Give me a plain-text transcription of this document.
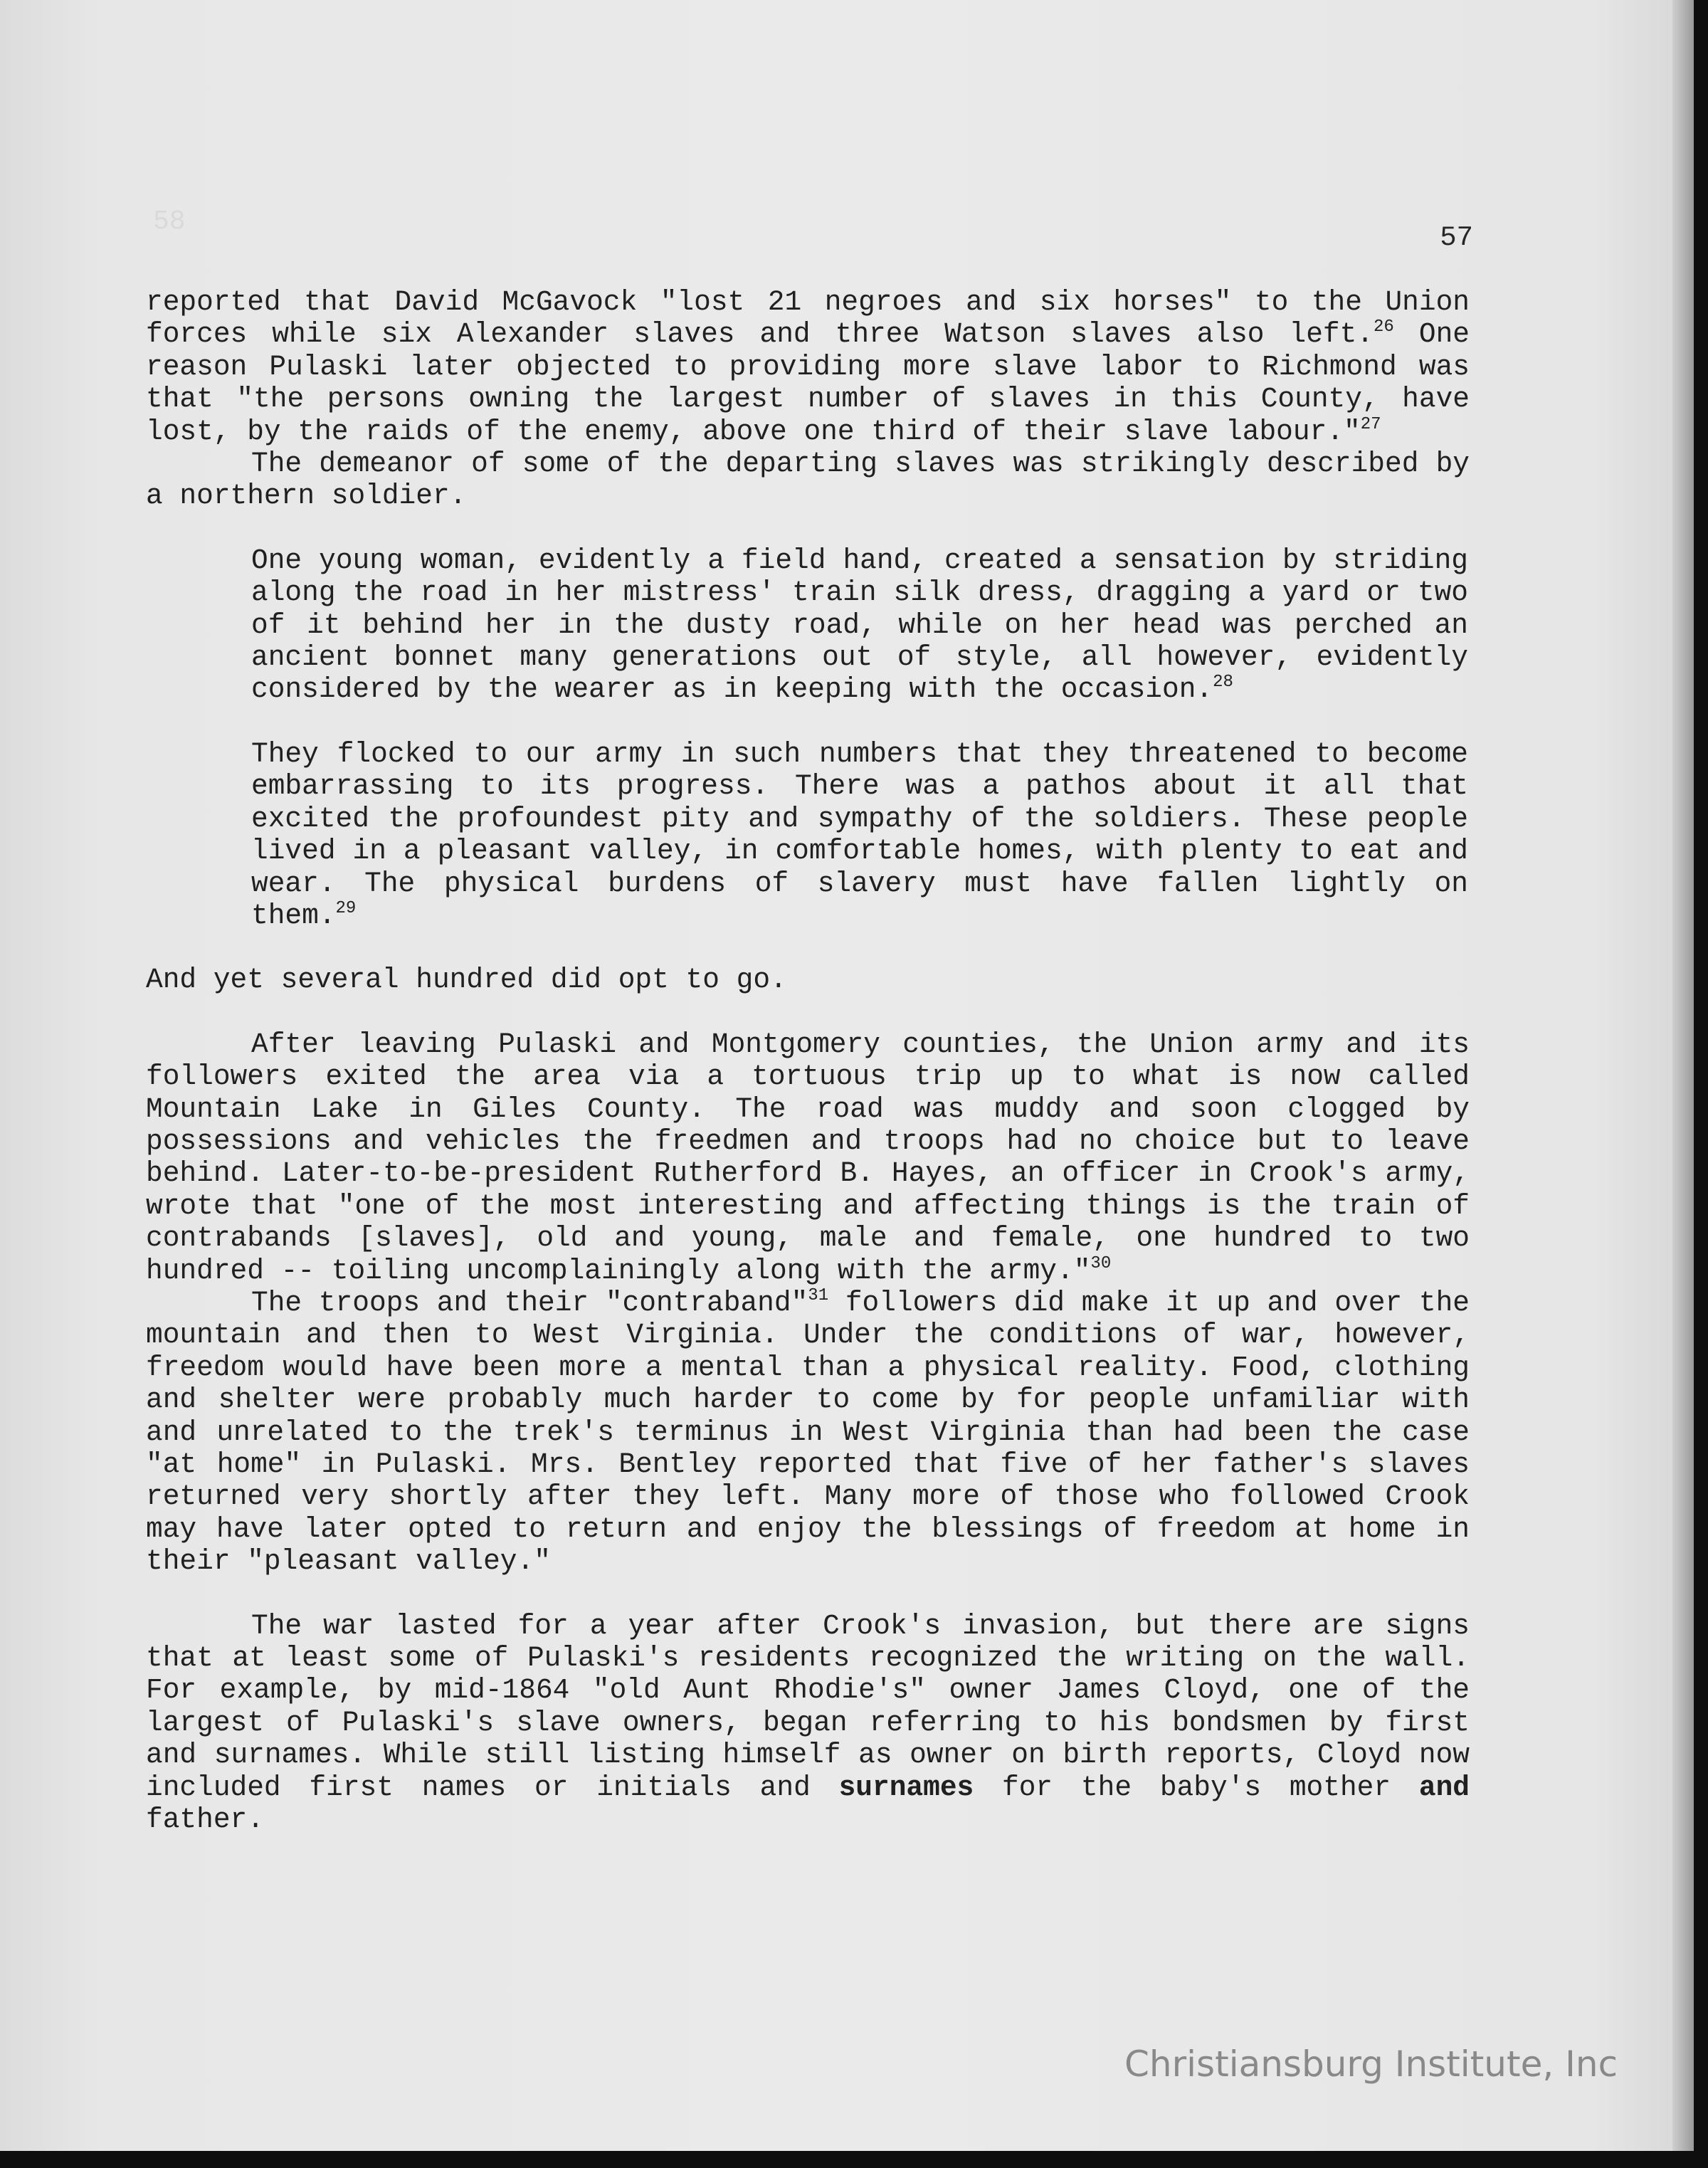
58
57

reported that David McGavock "lost 21 negroes and six horses" to the Union forces while six Alexander slaves and three Watson slaves also left.$^{26}$ One reason Pulaski later objected to providing more slave labor to Richmond was that "the persons owning the largest number of slaves in this County, have lost, by the raids of the enemy, above one third of their slave labour."$^{27}$

The demeanor of some of the departing slaves was strikingly described by a northern soldier.

One young woman, evidently a field hand, created a sensation by striding along the road in her mistress' train silk dress, dragging a yard or two of it behind her in the dusty road, while on her head was perched an ancient bonnet many generations out of style, all however, evidently considered by the wearer as in keeping with the occasion.$^{28}$
They flocked to our army in such numbers that they threatened to become embarrassing to its progress. There was a pathos about it all that excited the profoundest pity and sympathy of the soldiers. These people lived in a pleasant valley, in comfortable homes, with plenty to eat and wear. The physical burdens of slavery must have fallen lightly on them.$^{29}$

And yet several hundred did opt to go.

After leaving Pulaski and Montgomery counties, the Union army and its followers exited the area via a tortuous trip up to what is now called Mountain Lake in Giles County. The road was muddy and soon clogged by possessions and vehicles the freedmen and troops had no choice but to leave behind. Later-to-be-president Rutherford B. Hayes, an officer in Crook's army, wrote that "one of the most interesting and affecting things is the train of contrabands [slaves], old and young, male and female, one hundred to two hundred -- toiling uncomplainingly along with the army."$^{30}$

The troops and their "contraband"$^{31}$ followers did make it up and over the mountain and then to West Virginia. Under the conditions of war, however, freedom would have been more a mental than a physical reality. Food, clothing and shelter were probably much harder to come by for people unfamiliar with and unrelated to the trek's terminus in West Virginia than had been the case "at home" in Pulaski. Mrs. Bentley reported that five of her father's slaves returned very shortly after they left. Many more of those who followed Crook may have later opted to return and enjoy the blessings of freedom at home in their "pleasant valley."

The war lasted for a year after Crook's invasion, but there are signs that at least some of Pulaski's residents recognized the writing on the wall. For example, by mid-1864 "old Aunt Rhodie's" owner James Cloyd, one of the largest of Pulaski's slave owners, began referring to his bondsmen by first and surnames. While still listing himself as owner on birth reports, Cloyd now included first names or initials and surnames for the baby's mother and father.

Christiansburg Institute, Inc
